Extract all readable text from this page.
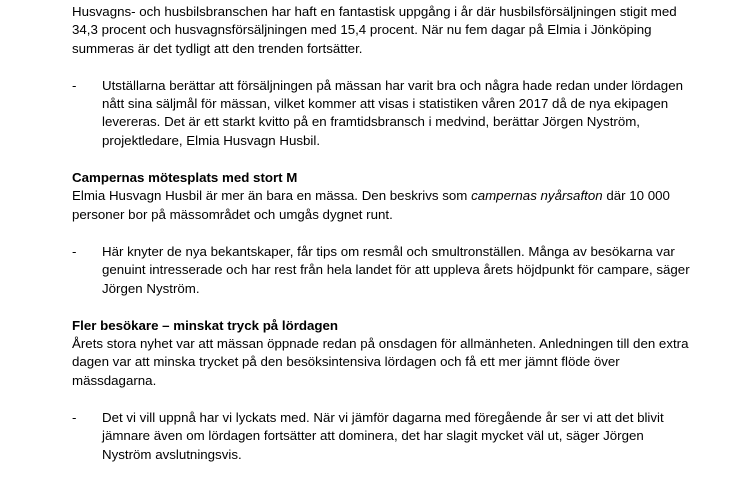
Husvagns- och husbilsbranschen har haft en fantastisk uppgång i år där husbilsförsäljningen stigit med 34,3 procent och husvagnsförsäljningen med 15,4 procent. När nu fem dagar på Elmia i Jönköping summeras är det tydligt att den trenden fortsätter.

-	Utställarna berättar att försäljningen på mässan har varit bra och några hade redan under lördagen nått sina säljmål för mässan, vilket kommer att visas i statistiken våren 2017 då de nya ekipagen levereras. Det är ett starkt kvitto på en framtidsbransch i medvind, berättar Jörgen Nyström, projektledare, Elmia Husvagn Husbil.

Campernas mötesplats med stort M

Elmia Husvagn Husbil är mer än bara en mässa. Den beskrivs som campernas nyårsafton där 10 000 personer bor på mässområdet och umgås dygnet runt.

-	Här knyter de nya bekantskaper, får tips om resmål och smultronställen. Många av besökarna var genuint intresserade och har rest från hela landet för att uppleva årets höjdpunkt för campare, säger Jörgen Nyström.

Fler besökare – minskat tryck på lördagen

Årets stora nyhet var att mässan öppnade redan på onsdagen för allmänheten. Anledningen till den extra dagen var att minska trycket på den besöksintensiva lördagen och få ett mer jämnt flöde över mässdagarna.

-	Det vi vill uppnå har vi lyckats med. När vi jämför dagarna med föregående år ser vi att det blivit jämnare även om lördagen fortsätter att dominera, det har slagit mycket väl ut, säger Jörgen Nyström avslutningsvis.
